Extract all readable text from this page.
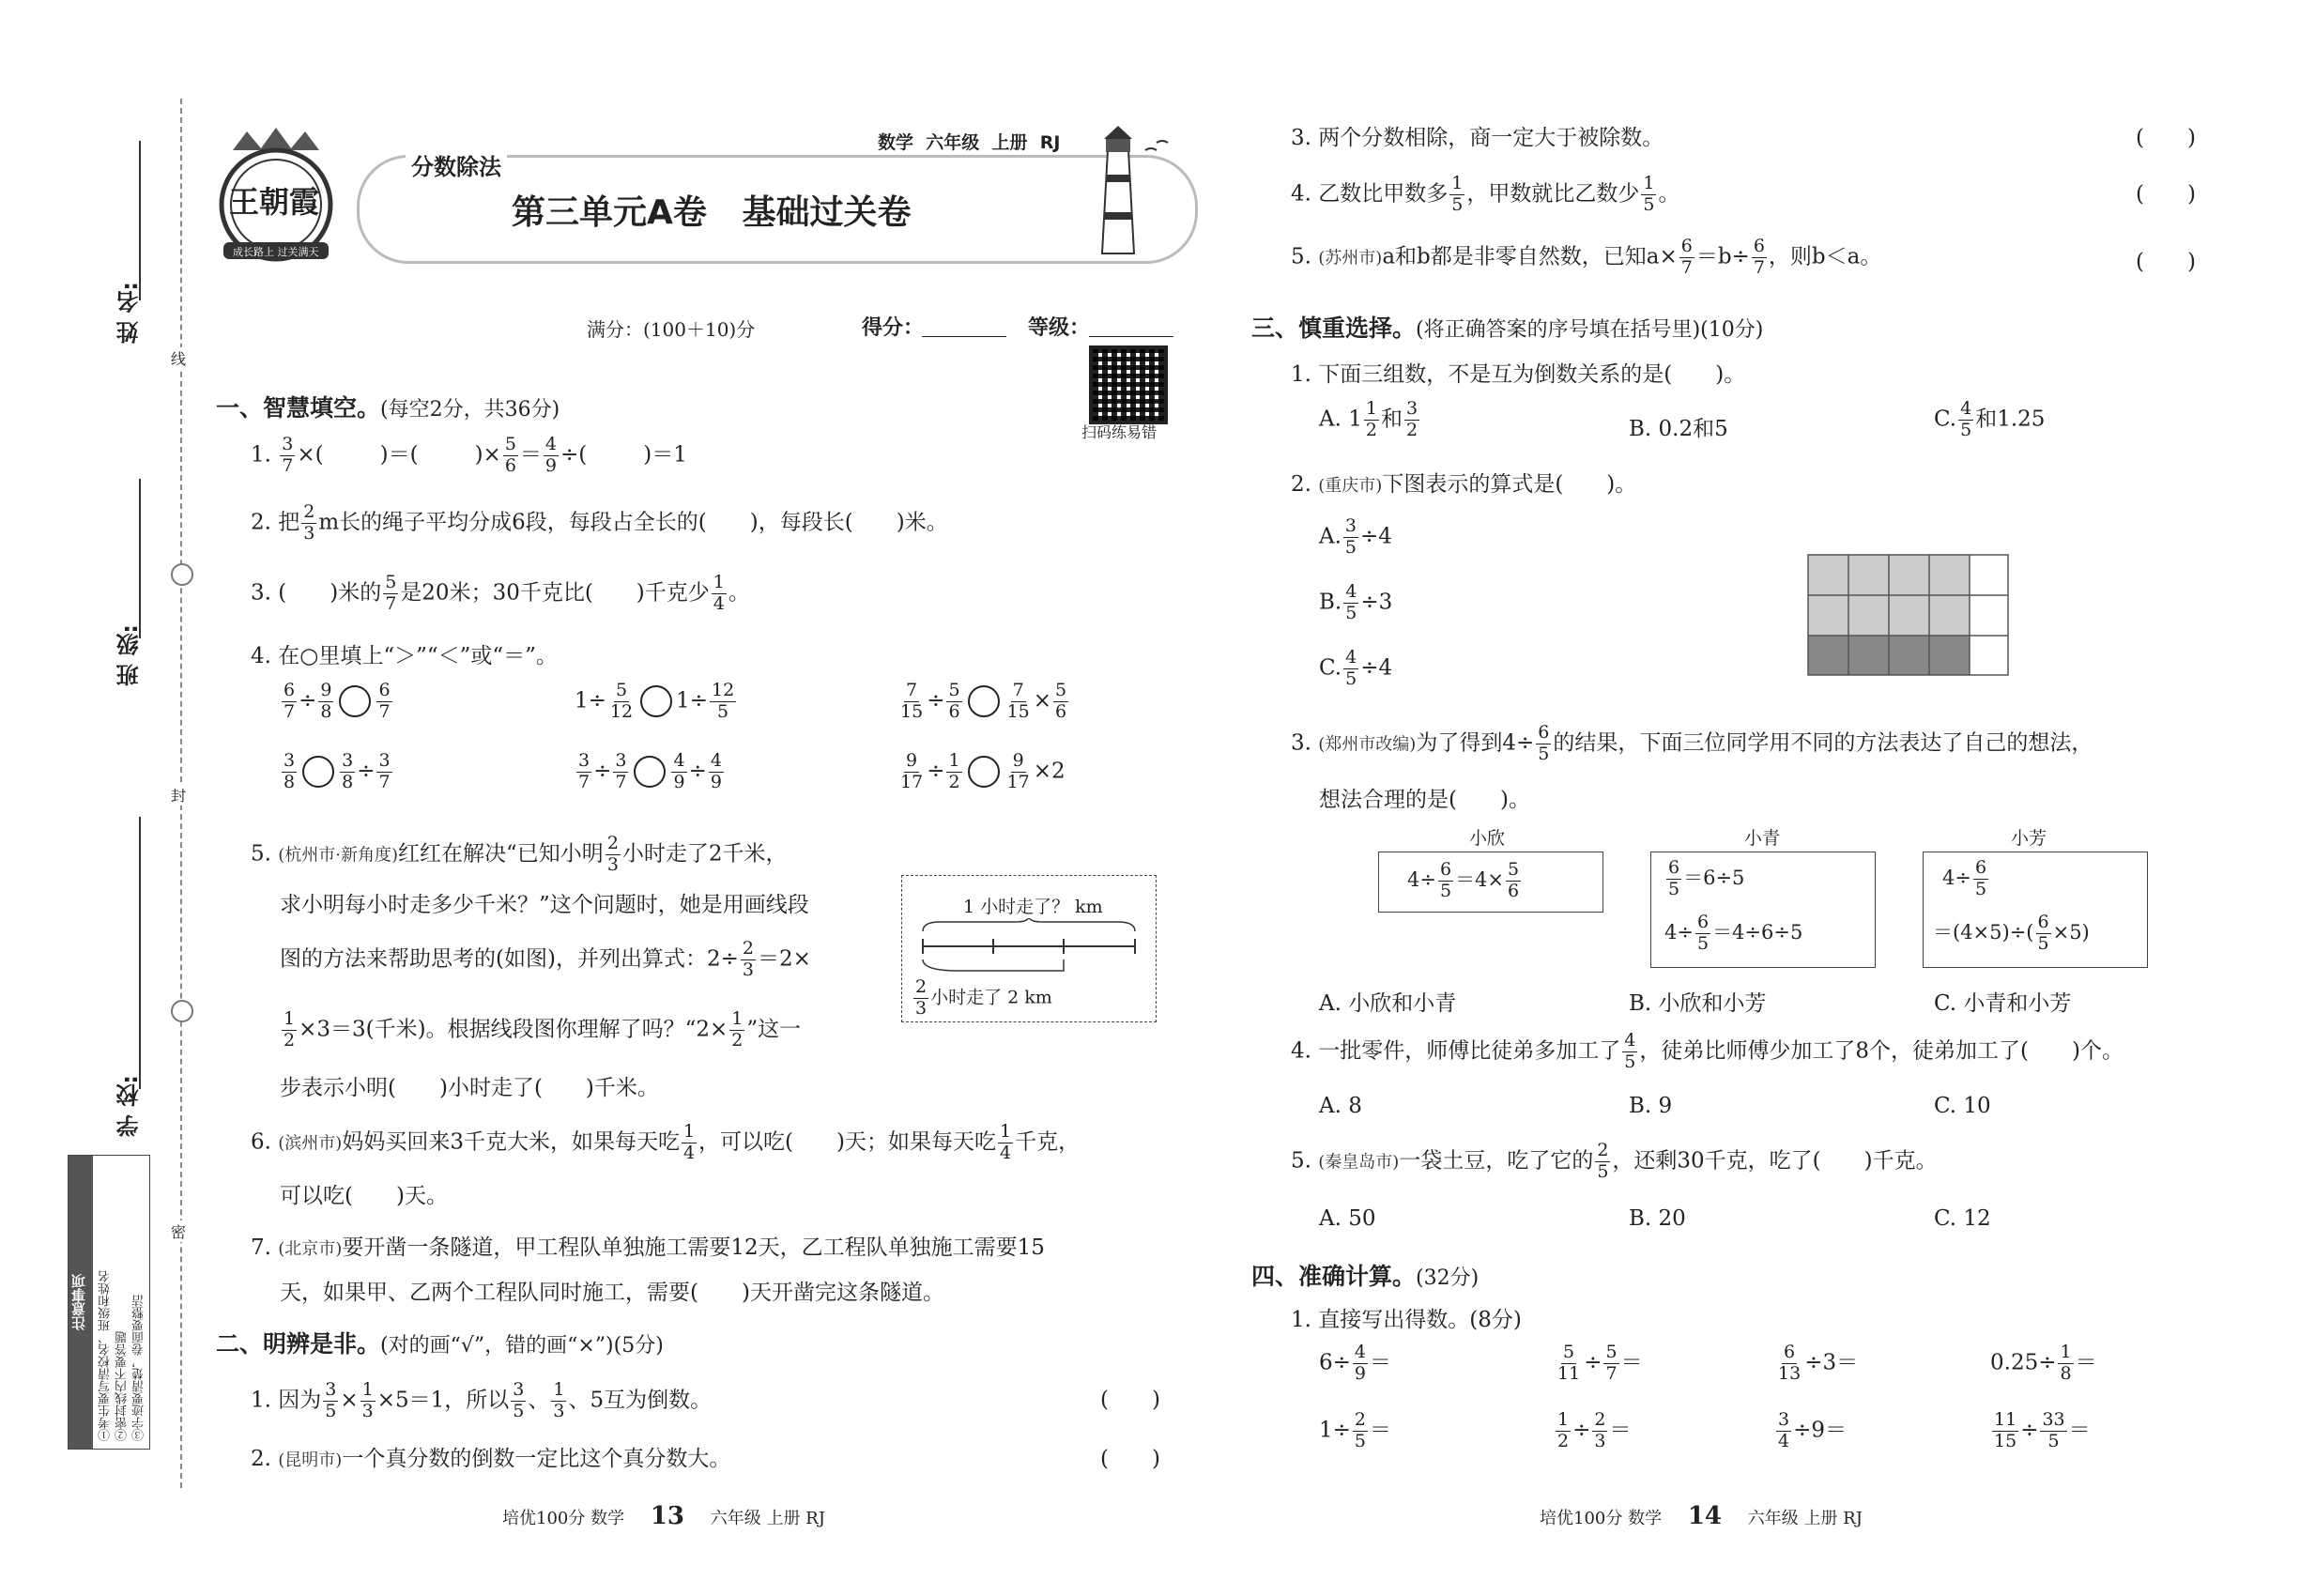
姓 名:
班 级:
学 校:
线
封
密
注意事项 ①考生要写清校名、班级和姓名 ②密封线内不要答题 ③字迹要清楚，卷面要整洁
王朝霞
成长路上 过关满天
分数除法
数学  六年级  上册  RJ
第三单元A卷   基础过关卷
满分：(100＋10)分	得分：	等级：
扫码练易错
一、智慧填空。(每空2分，共36分)
1. $\frac{3}{7}$ ×(	)＝(	)× $\frac{5}{6} = \frac{4}{9}$ ÷(	)＝1
2. 把 $\frac{2}{3}$ m长的绳子平均分成6段，每段占全长的(　　)，每段长(　　)米。
3. (　　)米的 $\frac{5}{7}$ 是20米；30千克比(　　)千克少 $\frac{1}{4}$ 。
4. 在○里填上“＞”“＜”或“＝”。
$\frac{6}{7} \div \frac{9}{8} \frac{6}{7}$	$1\div \frac{5}{12} 1\div \frac{12}{5}$	$\frac{7}{15} \div \frac{5}{6} \frac{7}{15} \times \frac{5}{6}$
$\frac{3}{8} \frac{3}{8} \div \frac{3}{7}$	$\frac{3}{7} \div \frac{3}{7} \frac{4}{9} \div \frac{4}{9}$	$\frac{9}{17} \div \frac{1}{2} \frac{9}{17} \times 2$
5. (杭州市·新角度)红红在解决“已知小明 $\frac{2}{3}$ 小时走了2千米，
求小明每小时走多少千米？”这个问题时，她是用画线段
图的方法来帮助思考的(如图)，并列出算式：$2\div \frac{2}{3} =2\times$
$\frac{1}{2} \times 3=3$(千米)。根据线段图你理解了吗？“$2\times \frac{1}{2}$ ”这一
步表示小明(　　)小时走了(　　)千米。
1 小时走了？ km
$\frac{2}{3}$ 小时走了 2 km
6. (滨州市)妈妈买回来3千克大米，如果每天吃 $\frac{1}{4}$ ，可以吃(　　)天；如果每天吃 $\frac{1}{4}$ 千克，
可以吃(　　)天。
7. (北京市)要开凿一条隧道，甲工程队单独施工需要12天，乙工程队单独施工需要15
天，如果甲、乙两个工程队同时施工，需要(　　)天开凿完这条隧道。
二、明辨是非。(对的画“√”，错的画“×”)(5分)
1. 因为 $\frac{3}{5} \times \frac{1}{3} \times 5=1$，所以 $\frac{3}{5}$ 、 $\frac{1}{3}$ 、5互为倒数。	(　　)
2. (昆明市)一个真分数的倒数一定比这个真分数大。	(　　)
3. 两个分数相除，商一定大于被除数。	(　　)
4. 乙数比甲数多 $\frac{1}{5}$ ，甲数就比乙数少 $\frac{1}{5}$ 。	(　　)
5. (苏州市)a和b都是非零自然数，已知$a\times \frac{6}{7} =b\div \frac{6}{7}$ ，则b＜a。	(　　)
三、慎重选择。(将正确答案的序号填在括号里)(10分)
1. 下面三组数，不是互为倒数关系的是(　　)。
A. $1 \frac{1}{2}$ 和 $\frac{3}{2}$	B. 0.2和5	C. $\frac{4}{5}$ 和1.25
2. (重庆市)下图表示的算式是(　　)。
A. $\frac{3}{5} \div 4$
B. $\frac{4}{5} \div 3$
C. $\frac{4}{5} \div 4$
3. (郑州市改编)为了得到$4\div \frac{6}{5}$ 的结果，下面三位同学用不同的方法表达了自己的想法，
想法合理的是(　　)。
小欣	小青	小芳
$4\div \frac{6}{5} =4\times \frac{5}{6}$	$\frac{6}{5} =6\div 5$
$4\div \frac{6}{5} =4\div 6\div 5$
$4\div \frac{6}{5}$
$=(4\times 5)\div( \frac{6}{5} \times 5)$
A. 小欣和小青	B. 小欣和小芳	C. 小青和小芳
4. 一批零件，师傅比徒弟多加工了 $\frac{4}{5}$ ，徒弟比师傅少加工了8个，徒弟加工了(　　)个。
A. 8	B. 9	C. 10
5. (秦皇岛市)一袋土豆，吃了它的 $\frac{2}{5}$ ，还剩30千克，吃了(　　)千克。
A. 50	B. 20	C. 12
四、准确计算。(32分)
1. 直接写出得数。(8分)
$6\div \frac{4}{9}$ ＝	$\frac{5}{11} \div \frac{5}{7}$ ＝	$\frac{6}{13} \div 3=$	$0.25\div \frac{1}{8}$ ＝
$1\div \frac{2}{5}$ ＝	$\frac{1}{2} \div \frac{2}{3}$ ＝	$\frac{3}{4} \div 9=$	$\frac{11}{15} \div \frac{33}{5}$ ＝
培优100分 数学 13 六年级 上册 RJ	培优100分 数学 14 六年级 上册 RJ
